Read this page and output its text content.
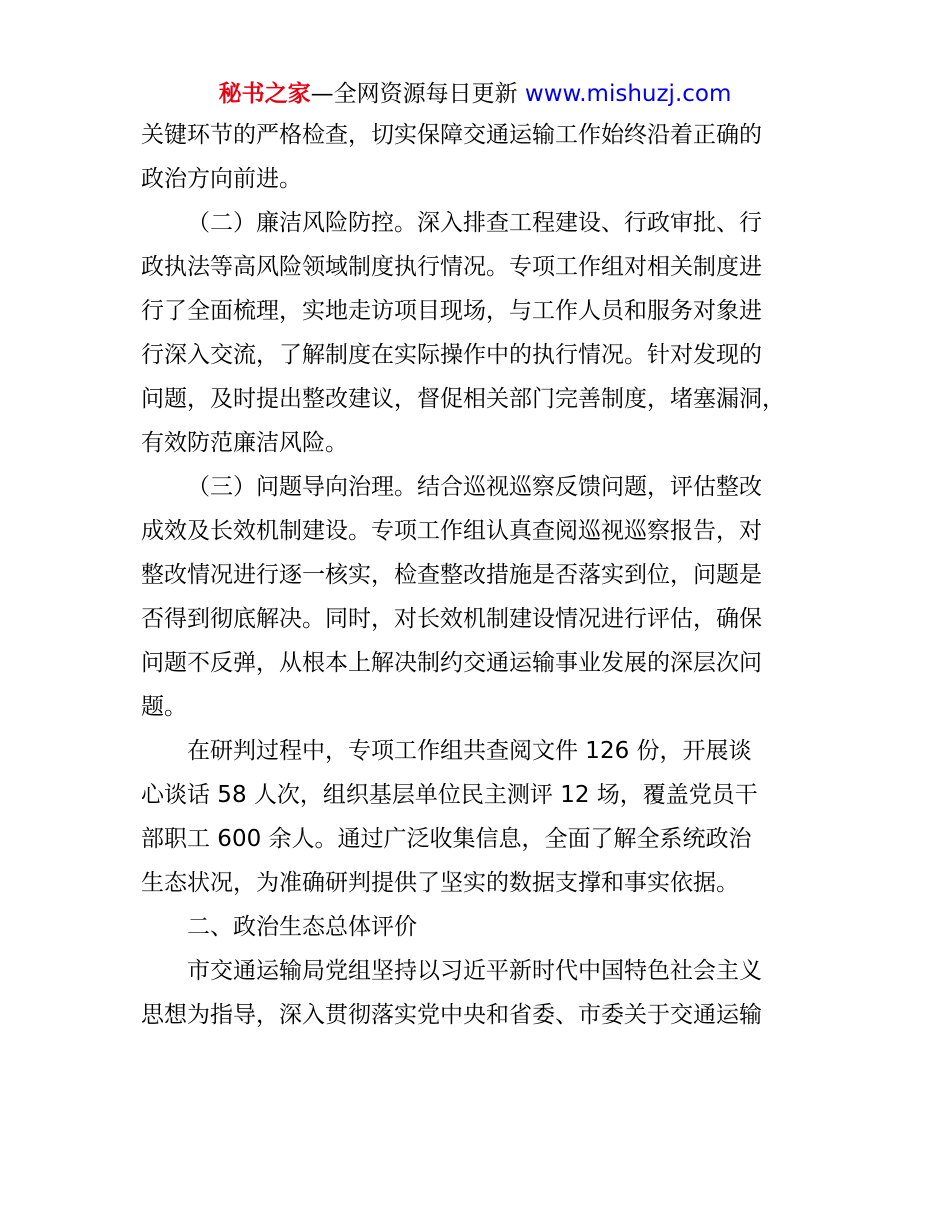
秘书之家—全网资源每日更新 www.mishuzj.com
关键环节的严格检查，切实保障交通运输工作始终沿着正确的
政治方向前进。
（二）廉洁风险防控。深入排查工程建设、行政审批、行
政执法等高风险领域制度执行情况。专项工作组对相关制度进
行了全面梳理，实地走访项目现场，与工作人员和服务对象进
行深入交流，了解制度在实际操作中的执行情况。针对发现的
问题，及时提出整改建议，督促相关部门完善制度，堵塞漏洞，
有效防范廉洁风险。
（三）问题导向治理。结合巡视巡察反馈问题，评估整改
成效及长效机制建设。专项工作组认真查阅巡视巡察报告，对
整改情况进行逐一核实，检查整改措施是否落实到位，问题是
否得到彻底解决。同时，对长效机制建设情况进行评估，确保
问题不反弹，从根本上解决制约交通运输事业发展的深层次问
题。
在研判过程中，专项工作组共查阅文件 126 份，开展谈
心谈话 58 人次，组织基层单位民主测评 12 场，覆盖党员干
部职工 600 余人。通过广泛收集信息，全面了解全系统政治
生态状况，为准确研判提供了坚实的数据支撑和事实依据。
二、政治生态总体评价
市交通运输局党组坚持以习近平新时代中国特色社会主义
思想为指导，深入贯彻落实党中央和省委、市委关于交通运输
